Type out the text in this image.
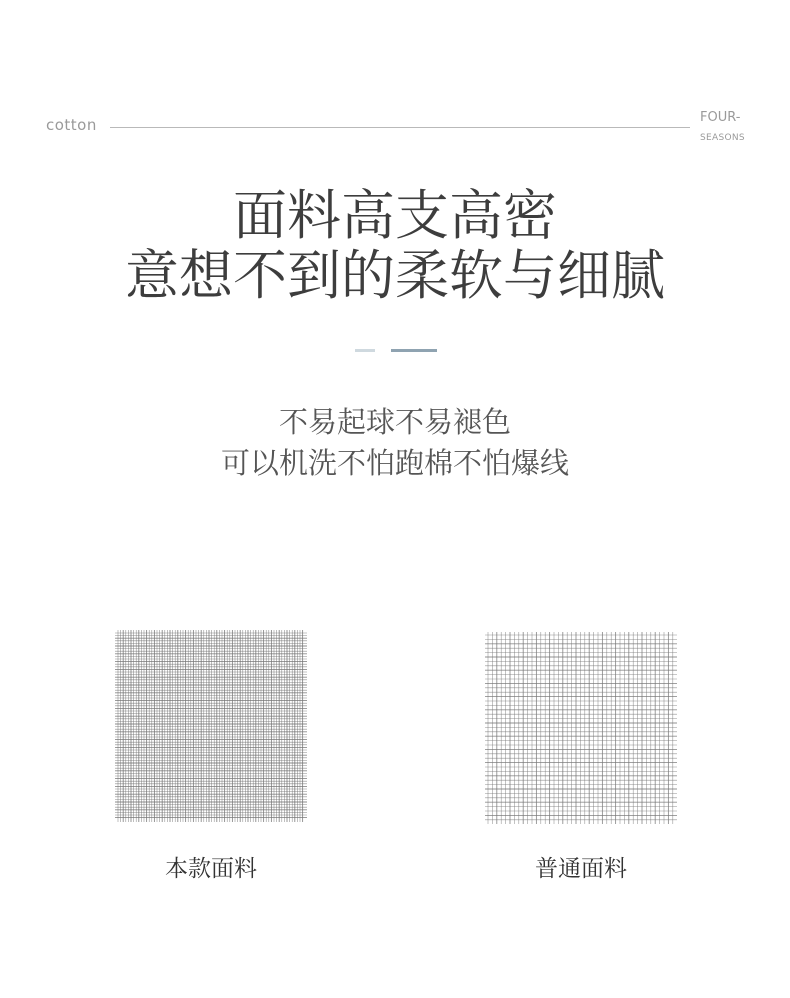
cotton	FOUR-
SEASONS
面料高支高密
意想不到的柔软与细腻
不易起球不易褪色
可以机洗不怕跑棉不怕爆线
本款面料	普通面料
